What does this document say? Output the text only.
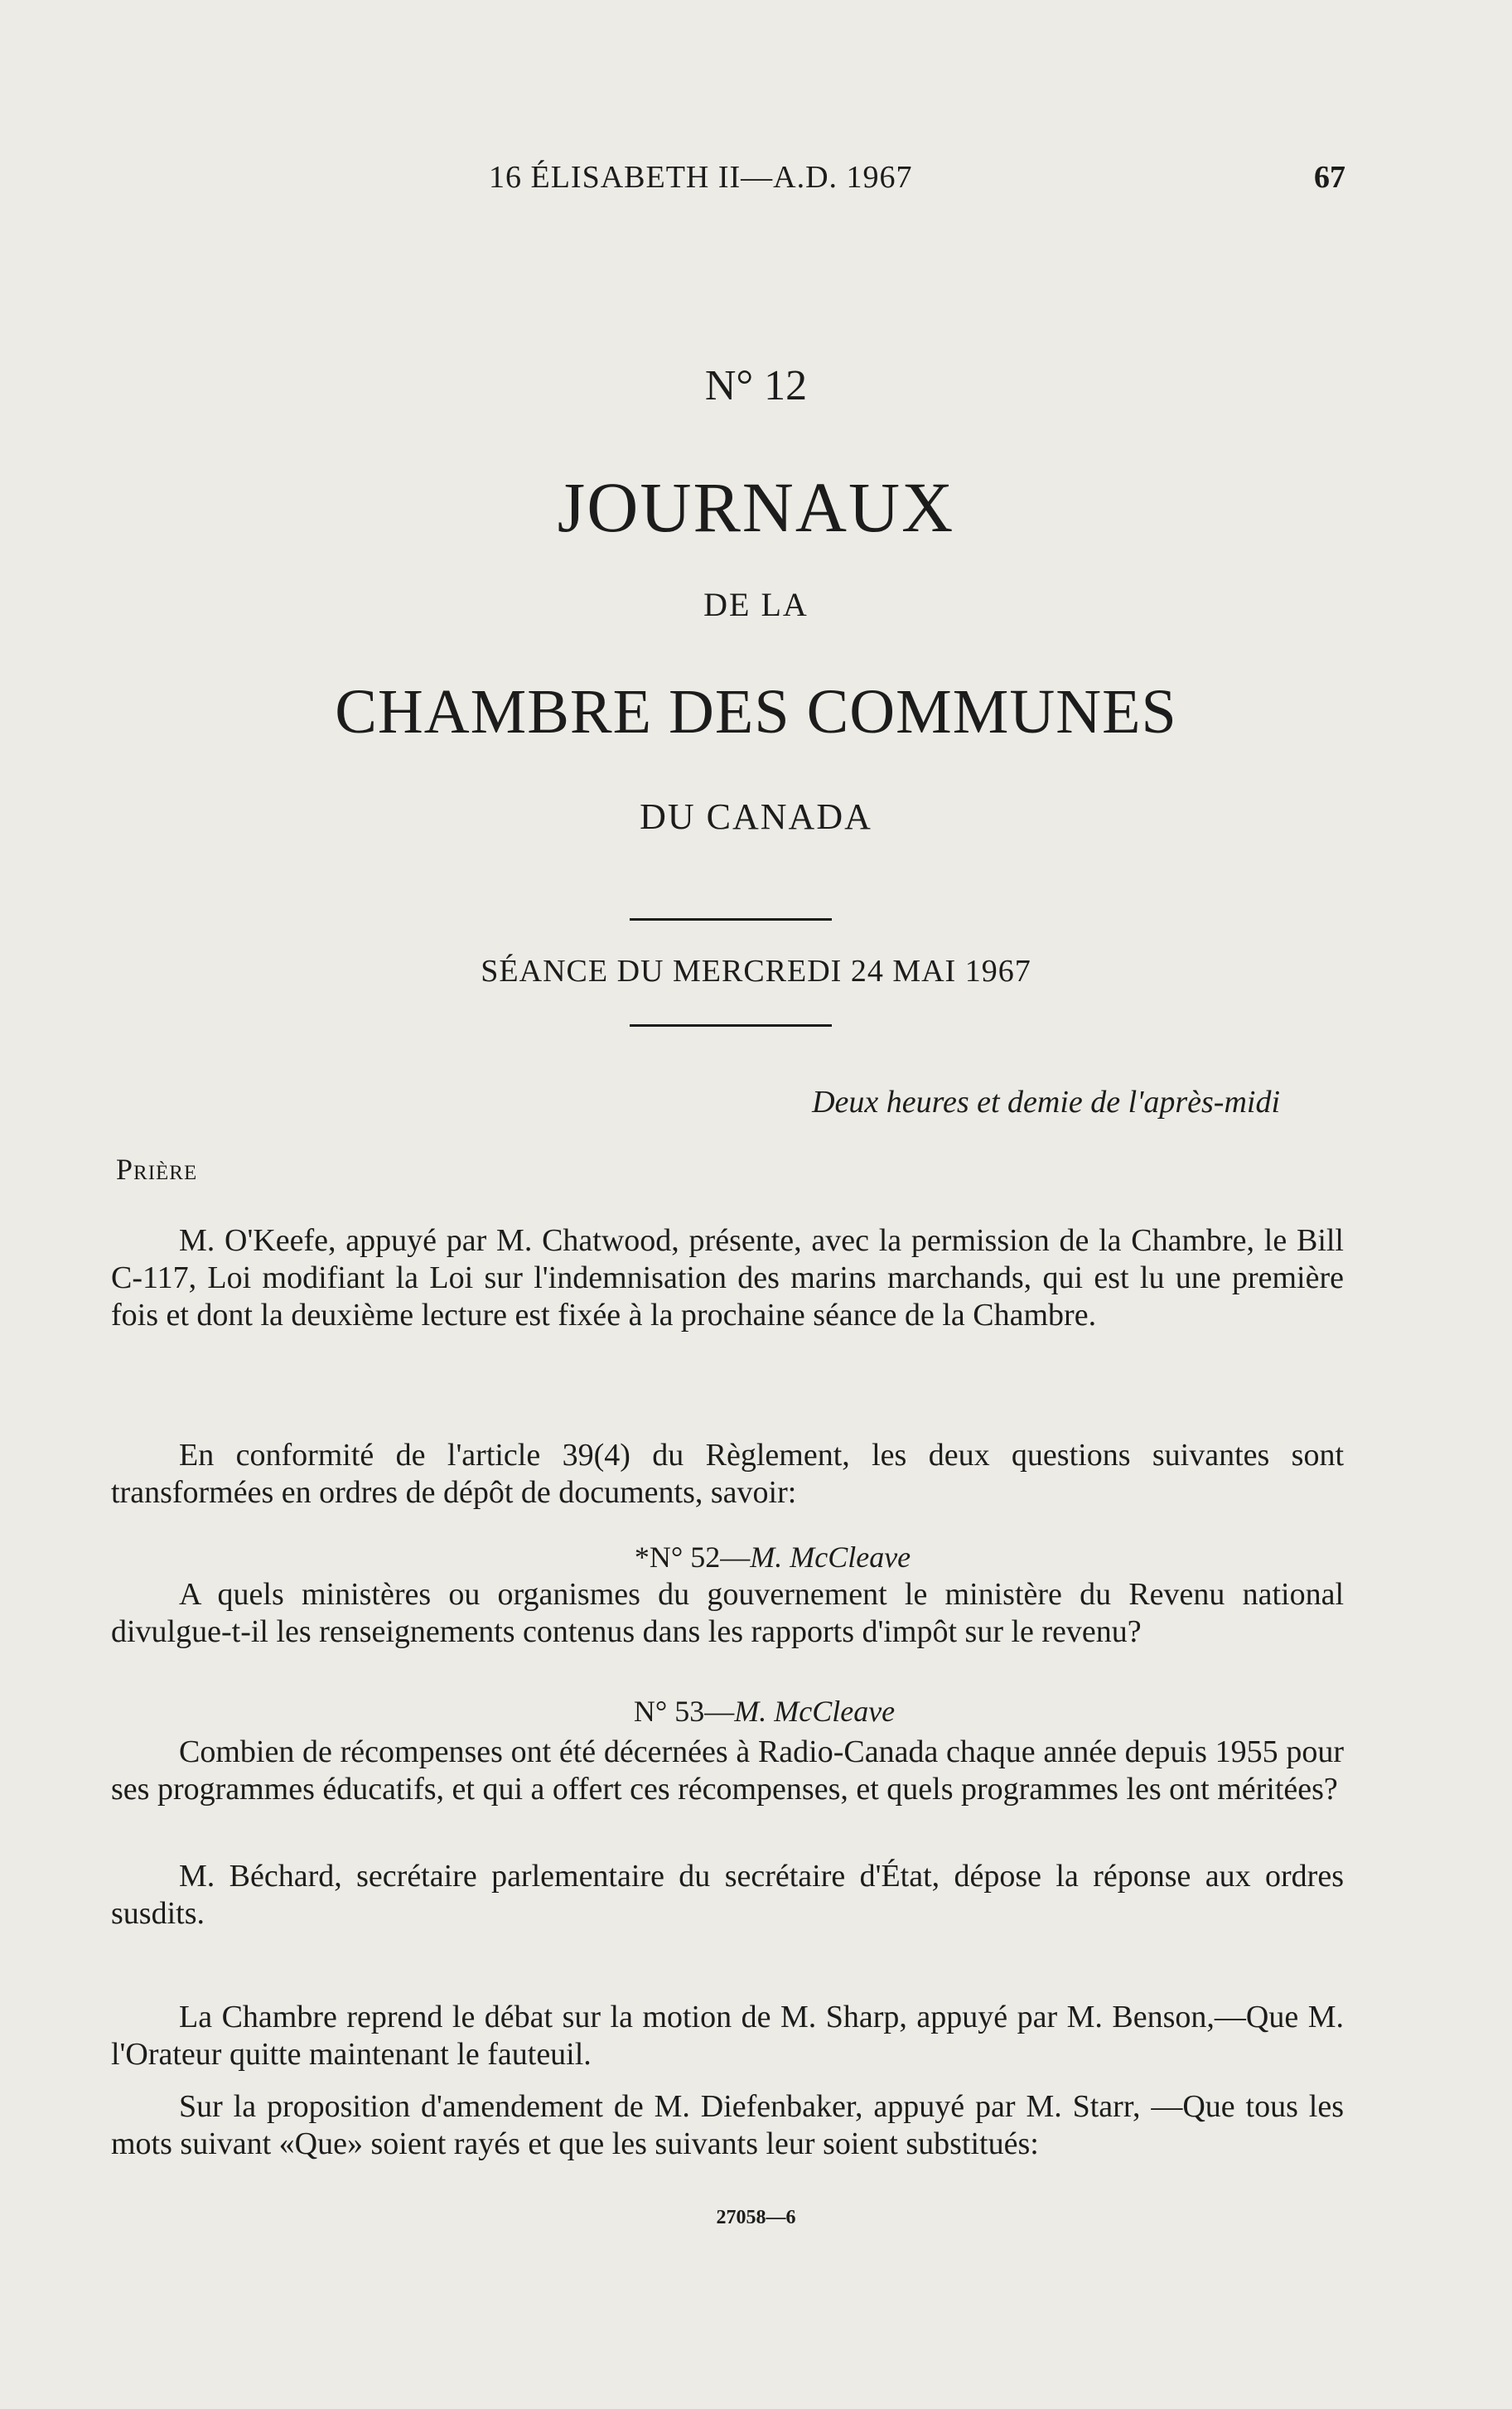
16 ÉLISABETH II—A.D. 1967	67
N° 12
JOURNAUX
DE LA
CHAMBRE DES COMMUNES
DU CANADA
SÉANCE DU MERCREDI 24 MAI 1967
Deux heures et demie de l'après-midi
Prière

M. O'Keefe, appuyé par M. Chatwood, présente, avec la permission de la Chambre, le Bill C-117, Loi modifiant la Loi sur l'indemnisation des marins marchands, qui est lu une première fois et dont la deuxième lecture est fixée à la prochaine séance de la Chambre.

En conformité de l'article 39(4) du Règlement, les deux questions suivantes sont transformées en ordres de dépôt de documents, savoir:

*N° 52—M. McCleave

A quels ministères ou organismes du gouvernement le ministère du Revenu national divulgue-t-il les renseignements contenus dans les rapports d'impôt sur le revenu?

N° 53—M. McCleave

Combien de récompenses ont été décernées à Radio-Canada chaque année depuis 1955 pour ses programmes éducatifs, et qui a offert ces récompenses, et quels programmes les ont méritées?

M. Béchard, secrétaire parlementaire du secrétaire d'État, dépose la réponse aux ordres susdits.

La Chambre reprend le débat sur la motion de M. Sharp, appuyé par M. Benson,—Que M. l'Orateur quitte maintenant le fauteuil.

Sur la proposition d'amendement de M. Diefenbaker, appuyé par M. Starr, —Que tous les mots suivant «Que» soient rayés et que les suivants leur soient substitués:

27058—6
